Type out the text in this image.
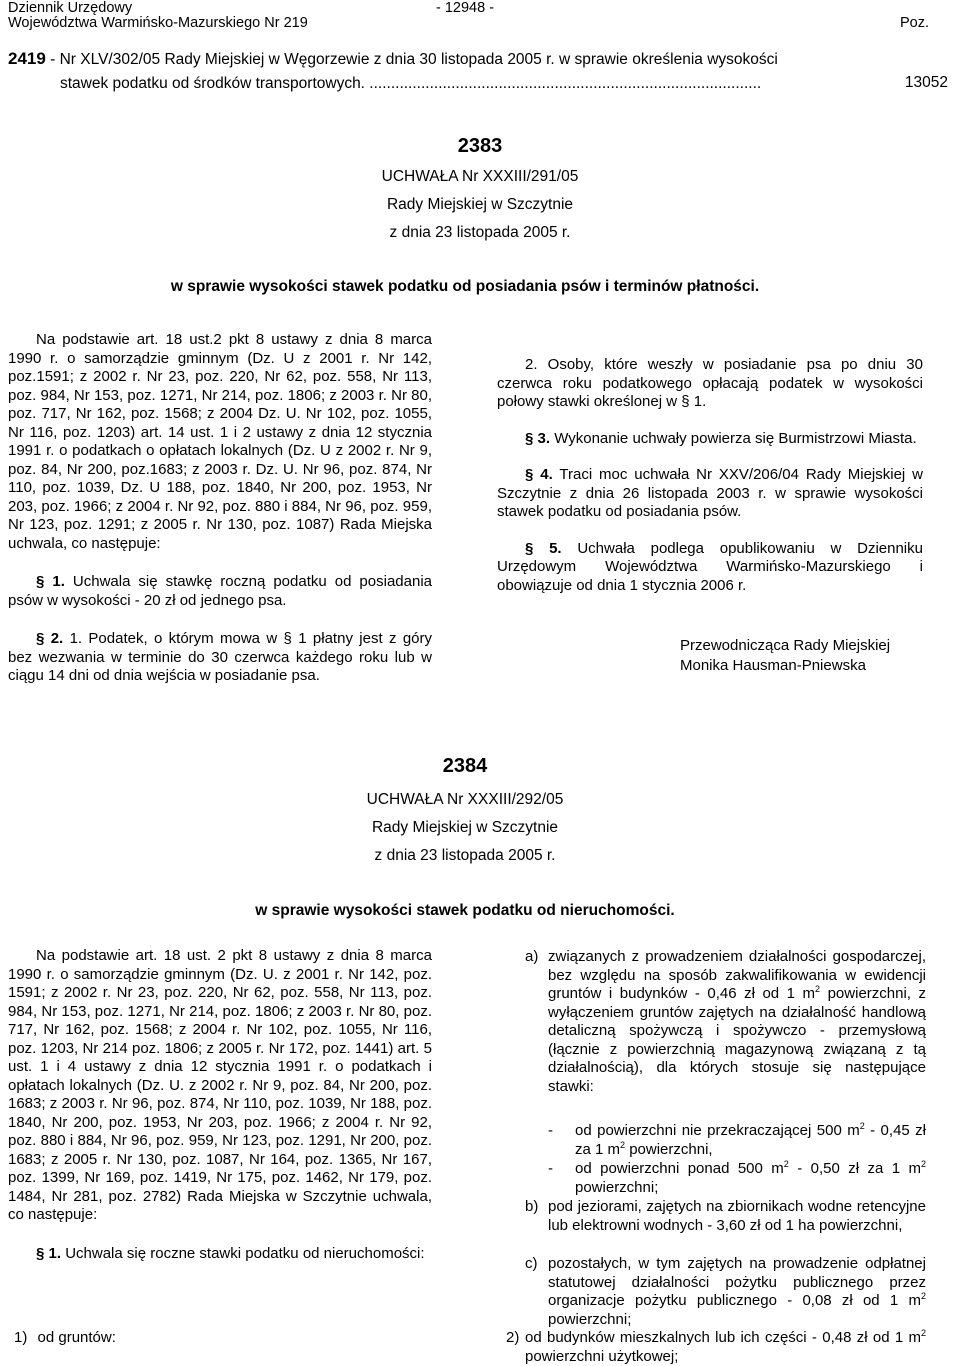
Dziennik Urzędowy
Województwa Warmińsko-Mazurskiego Nr 219
- 12948 -
Poz.
2419 - Nr XLV/302/05 Rady Miejskiej w Węgorzewie z dnia 30 listopada 2005 r. w sprawie określenia wysokości
stawek podatku od środków transportowych. ...........................................................................................	13052
2383
UCHWAŁA Nr XXXIII/291/05
Rady Miejskiej w Szczytnie
z dnia 23 listopada 2005 r.
w sprawie wysokości stawek podatku od posiadania psów i terminów płatności.

Na podstawie art. 18 ust.2 pkt 8 ustawy z dnia 8 marca 1990 r. o samorządzie gminnym (Dz. U z 2001 r. Nr 142, poz.1591; z 2002 r. Nr 23, poz. 220, Nr 62, poz. 558, Nr 113, poz. 984, Nr 153, poz. 1271, Nr 214, poz. 1806; z 2003 r. Nr 80, poz. 717, Nr 162, poz. 1568; z 2004 Dz. U. Nr 102, poz. 1055, Nr 116, poz. 1203) art. 14 ust. 1 i 2 ustawy z dnia 12 stycznia 1991 r. o podatkach o opłatach lokalnych (Dz. U z 2002 r. Nr 9, poz. 84, Nr 200, poz.1683; z 2003 r. Dz. U. Nr 96, poz. 874, Nr 110, poz. 1039, Dz. U 188, poz. 1840, Nr 200, poz. 1953, Nr 203, poz. 1966; z 2004 r. Nr 92, poz. 880 i 884, Nr 96, poz. 959, Nr 123, poz. 1291; z 2005 r. Nr 130, poz. 1087) Rada Miejska uchwala, co następuje:

§ 1. Uchwala się stawkę roczną podatku od posiadania psów w wysokości - 20 zł od jednego psa.

§ 2. 1. Podatek, o którym mowa w § 1 płatny jest z góry bez wezwania w terminie do 30 czerwca każdego roku lub w ciągu 14 dni od dnia wejścia w posiadanie psa.

2. Osoby, które weszły w posiadanie psa po dniu 30 czerwca roku podatkowego opłacają podatek w wysokości połowy stawki określonej w § 1.

§ 3. Wykonanie uchwały powierza się Burmistrzowi Miasta.

§ 4. Traci moc uchwała Nr XXV/206/04 Rady Miejskiej w Szczytnie z dnia 26 listopada 2003 r. w sprawie wysokości stawek podatku od posiadania psów.

§ 5. Uchwała podlega opublikowaniu w Dzienniku Urzędowym Województwa Warmińsko-Mazurskiego i obowiązuje od dnia 1 stycznia 2006 r.

Przewodnicząca Rady Miejskiej
Monika Hausman-Pniewska
2384
UCHWAŁA Nr XXXIII/292/05
Rady Miejskiej w Szczytnie
z dnia 23 listopada 2005 r.
w sprawie wysokości stawek podatku od nieruchomości.

Na podstawie art. 18 ust. 2 pkt 8 ustawy z dnia 8 marca 1990 r. o samorządzie gminnym (Dz. U. z 2001 r. Nr 142, poz. 1591; z 2002 r. Nr 23, poz. 220, Nr 62, poz. 558, Nr 113, poz. 984, Nr 153, poz. 1271, Nr 214, poz. 1806; z 2003 r. Nr 80, poz. 717, Nr 162, poz. 1568; z 2004 r. Nr 102, poz. 1055, Nr 116, poz. 1203, Nr 214 poz. 1806; z 2005 r. Nr 172, poz. 1441) art. 5 ust. 1 i 4 ustawy z dnia 12 stycznia 1991 r. o podatkach i opłatach lokalnych (Dz. U. z 2002 r. Nr 9, poz. 84, Nr 200, poz. 1683; z 2003 r. Nr 96, poz. 874, Nr 110, poz. 1039, Nr 188, poz. 1840, Nr 200, poz. 1953, Nr 203, poz. 1966; z 2004 r. Nr 92, poz. 880 i 884, Nr 96, poz. 959, Nr 123, poz. 1291, Nr 200, poz. 1683; z 2005 r. Nr 130, poz. 1087, Nr 164, poz. 1365, Nr 167, poz. 1399, Nr 169, poz. 1419, Nr 175, poz. 1462, Nr 179, poz. 1484, Nr 281, poz. 2782) Rada Miejska w Szczytnie uchwala, co następuje:

§ 1. Uchwala się roczne stawki podatku od nieruchomości:

1) od gruntów:
a) związanych z prowadzeniem działalności gospodarczej, bez względu na sposób zakwalifikowania w ewidencji gruntów i budynków - 0,46 zł od 1 $m^2$ powierzchni, z wyłączeniem gruntów zajętych na działalność handlową detaliczną spożywczą i spożywczo - przemysłową (łącznie z powierzchnią magazynową związaną z tą działalnością), dla których stosuje się następujące stawki:
- od powierzchni nie przekraczającej 500 $m^2 - 0,45$ zł za 1 $m^2$ powierzchni,
- od powierzchni ponad 500 $m^2 - 0,50$ zł za 1 $m^2$ powierzchni;
b) pod jeziorami, zajętych na zbiornikach wodne retencyjne lub elektrowni wodnych - 3,60 zł od 1 ha powierzchni,
c) pozostałych, w tym zajętych na prowadzenie odpłatnej statutowej działalności pożytku publicznego przez organizacje pożytku publicznego - 0,08 zł od 1 $m^2$ powierzchni;
2) od budynków mieszkalnych lub ich części - 0,48 zł od 1 $m^2$ powierzchni użytkowej;
